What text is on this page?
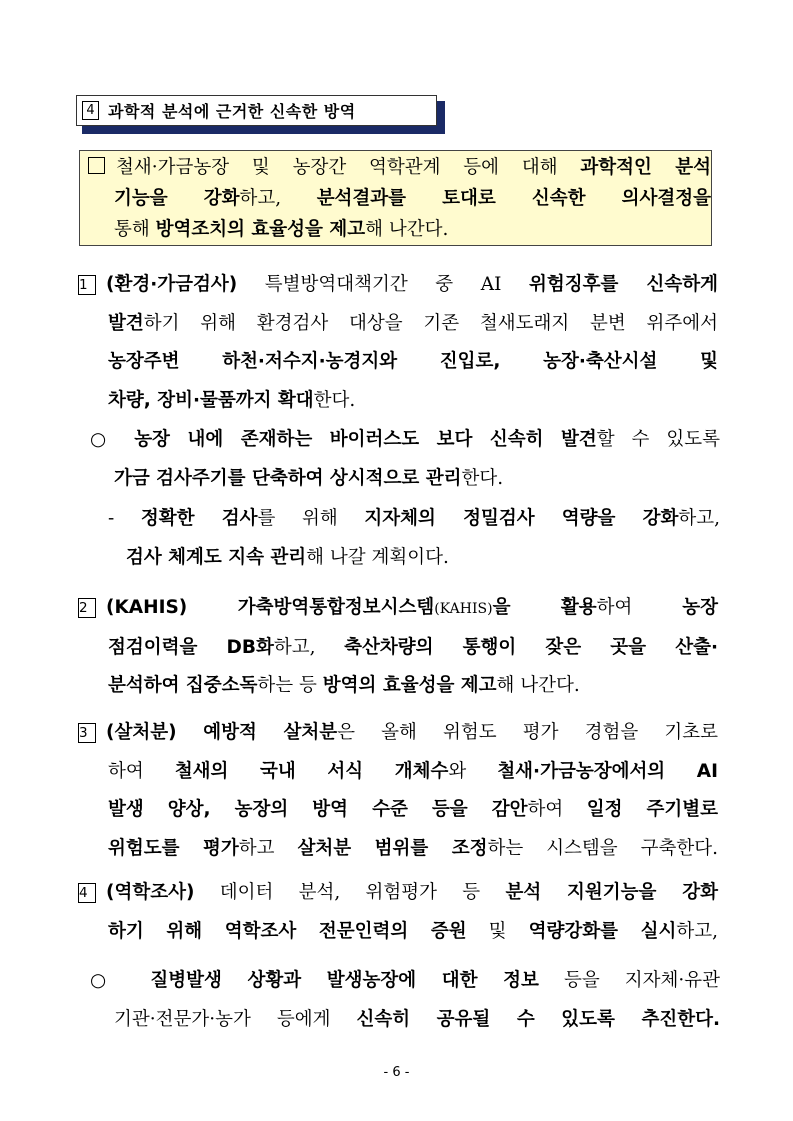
4 과학적 분석에 근거한 신속한 방역

철새·가금농장 및 농장간 역학관계 등에 대해 과학적인 분석

기능을 강화하고, 분석결과를 토대로 신속한 의사결정을

통해 방역조치의 효율성을 제고해 나간다.

1 (환경·가금검사) 특별방역대책기간 중 AI 위험징후를 신속하게

발견하기 위해 환경검사 대상을 기존 철새도래지 분변 위주에서

농장주변 하천·저수지·농경지와 진입로, 농장·축산시설 및

차량, 장비·물품까지 확대한다.

○ 농장 내에 존재하는 바이러스도 보다 신속히 발견할 수 있도록

가금 검사주기를 단축하여 상시적으로 관리한다.

- 정확한 검사를 위해 지자체의 정밀검사 역량을 강화하고,

검사 체계도 지속 관리해 나갈 계획이다.

2 (KAHIS) 가축방역통합정보시스템(KAHIS)을 활용하여 농장

점검이력을 DB화하고, 축산차량의 통행이 잦은 곳을 산출·

분석하여 집중소독하는 등 방역의 효율성을 제고해 나간다.

3 (살처분) 예방적 살처분은 올해 위험도 평가 경험을 기초로

하여 철새의 국내 서식 개체수와 철새·가금농장에서의 AI

발생 양상, 농장의 방역 수준 등을 감안하여 일정 주기별로

위험도를 평가하고 살처분 범위를 조정하는 시스템을 구축한다.

4 (역학조사) 데이터 분석, 위험평가 등 분석 지원기능을 강화

하기 위해 역학조사 전문인력의 증원 및 역량강화를 실시하고,

○ 질병발생 상황과 발생농장에 대한 정보 등을 지자체·유관

기관·전문가·농가 등에게 신속히 공유될 수 있도록 추진한다.

- 6 -
